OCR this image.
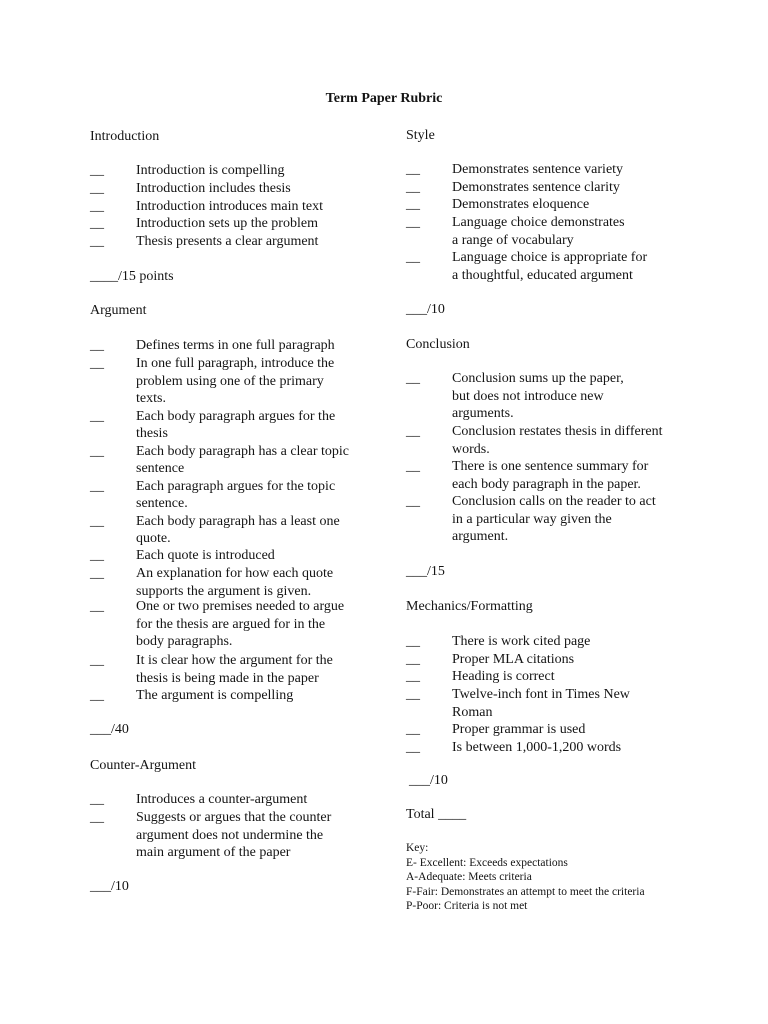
Term Paper Rubric
Introduction
__ Introduction is compelling
__ Introduction includes thesis
__ Introduction introduces main text
__ Introduction sets up the problem
__ Thesis presents a clear argument
____/15 points
Argument
__ Defines terms in one full paragraph
__ In one full paragraph, introduce the
problem using one of the primary
texts.
__ Each body paragraph argues for the
thesis
__ Each body paragraph has a clear topic
sentence
__ Each paragraph argues for the topic
sentence.
__ Each body paragraph has a least one
quote.
__ Each quote is introduced
__ An explanation for how each quote
supports the argument is given.
__ One or two premises needed to argue
for the thesis are argued for in the
body paragraphs.
__ It is clear how the argument for the
thesis is being made in the paper
__ The argument is compelling
___/40
Counter-Argument
__ Introduces a counter-argument
__ Suggests or argues that the counter
argument does not undermine the
main argument of the paper
___/10
Style
__ Demonstrates sentence variety
__ Demonstrates sentence clarity
__ Demonstrates eloquence
__ Language choice demonstrates
a range of vocabulary
__ Language choice is appropriate for
a thoughtful, educated argument
___/10
Conclusion
__ Conclusion sums up the paper,
but does not introduce new
arguments.
__ Conclusion restates thesis in different
words.
__ There is one sentence summary for
each body paragraph in the paper.
__ Conclusion calls on the reader to act
in a particular way given the
argument.
___/15
Mechanics/Formatting
__ There is work cited page
__ Proper MLA citations
__ Heading is correct
__ Twelve-inch font in Times New
Roman
__ Proper grammar is used
__ Is between 1,000-1,200 words
___/10
Total ____
Key:
E- Excellent: Exceeds expectations
A-Adequate: Meets criteria
F-Fair: Demonstrates an attempt to meet the criteria
P-Poor: Criteria is not met
